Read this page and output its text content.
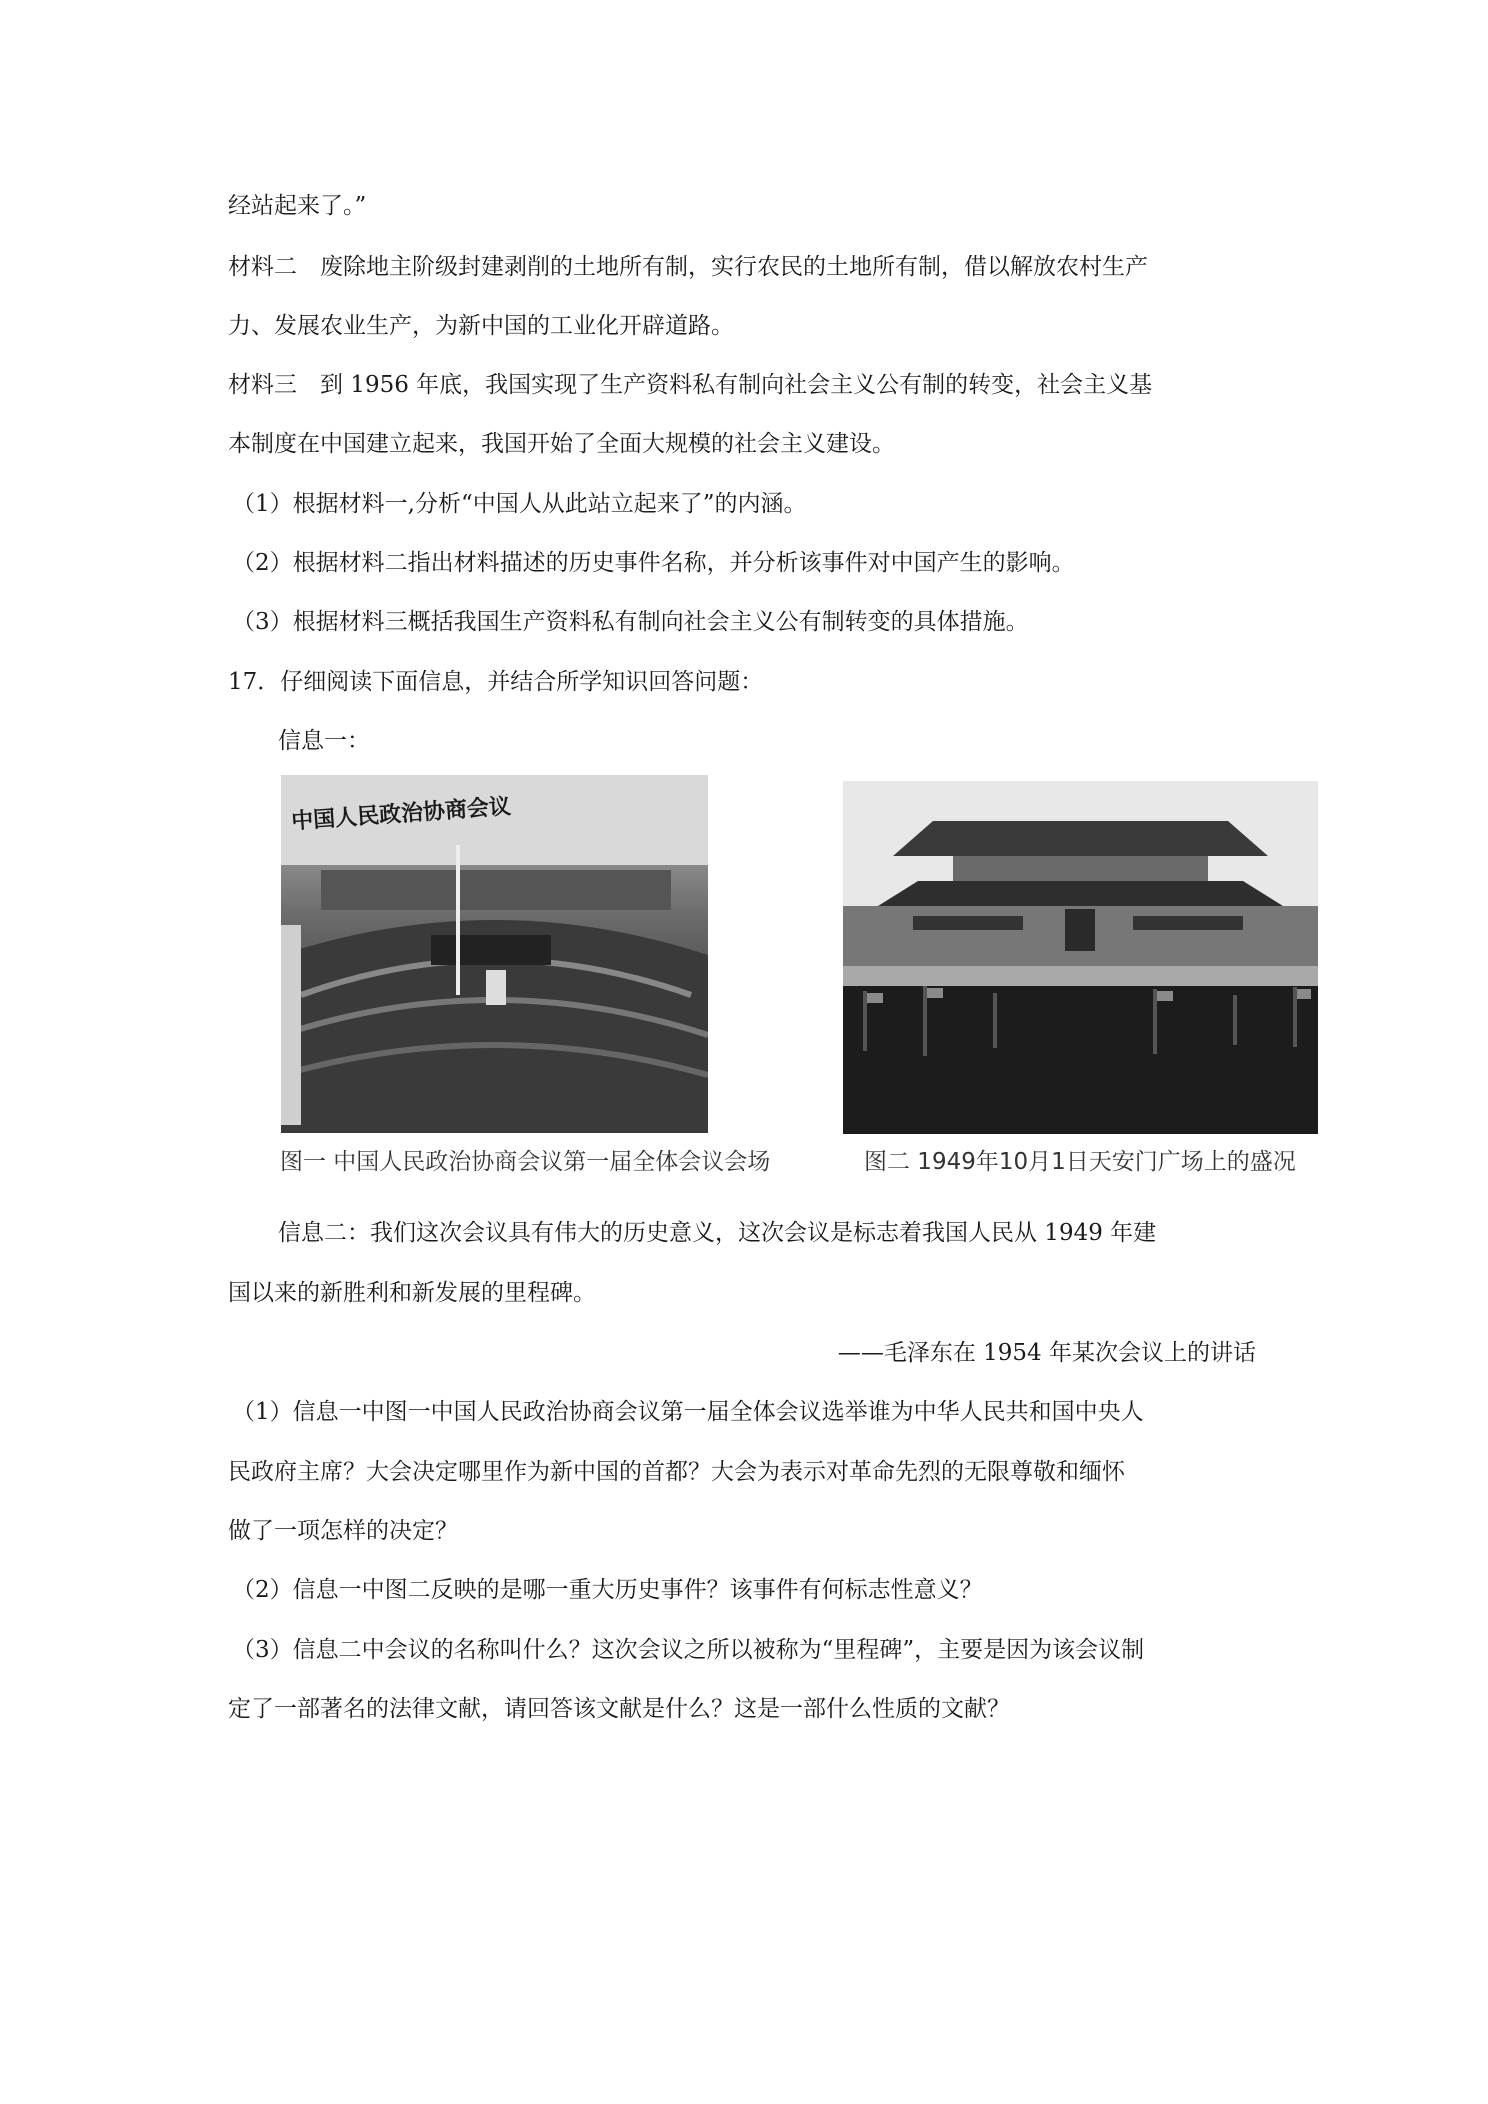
经站起来了。”
材料二　废除地主阶级封建剥削的土地所有制，实行农民的土地所有制，借以解放农村生产
力、发展农业生产，为新中国的工业化开辟道路。
材料三　到 1956 年底，我国实现了生产资料私有制向社会主义公有制的转变，社会主义基
本制度在中国建立起来，我国开始了全面大规模的社会主义建设。
（1）根据材料一,分析“中国人从此站立起来了”的内涵。
（2）根据材料二指出材料描述的历史事件名称，并分析该事件对中国产生的影响。
（3）根据材料三概括我国生产资料私有制向社会主义公有制转变的具体措施。
17．仔细阅读下面信息，并结合所学知识回答问题：
信息一：
中国人民政治协商会议
图一 中国人民政治协商会议第一届全体会议会场	图二 1949年10月1日天安门广场上的盛况
信息二：我们这次会议具有伟大的历史意义，这次会议是标志着我国人民从 1949 年建
国以来的新胜利和新发展的里程碑。
——毛泽东在 1954 年某次会议上的讲话
（1）信息一中图一中国人民政治协商会议第一届全体会议选举谁为中华人民共和国中央人
民政府主席？大会决定哪里作为新中国的首都？大会为表示对革命先烈的无限尊敬和缅怀
做了一项怎样的决定？
（2）信息一中图二反映的是哪一重大历史事件？该事件有何标志性意义？
（3）信息二中会议的名称叫什么？这次会议之所以被称为“里程碑”，主要是因为该会议制
定了一部著名的法律文献，请回答该文献是什么？这是一部什么性质的文献？
